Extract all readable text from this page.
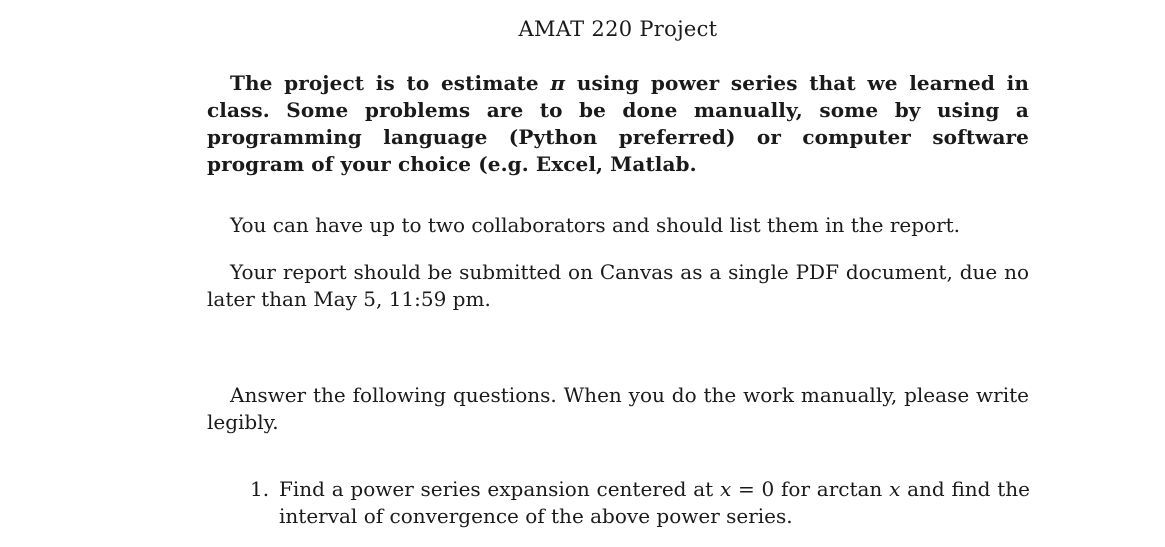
AMAT 220 Project

The project is to estimate π using power series that we learned in class. Some problems are to be done manually, some by using a programming language (Python preferred) or computer software program of your choice (e.g. Excel, Matlab.

You can have up to two collaborators and should list them in the report.

Your report should be submitted on Canvas as a single PDF document, due no later than May 5, 11:59 pm.

Answer the following questions. When you do the work manually, please write legibly.

1. Find a power series expansion centered at x = 0 for arctan x and find the interval of convergence of the above power series.
